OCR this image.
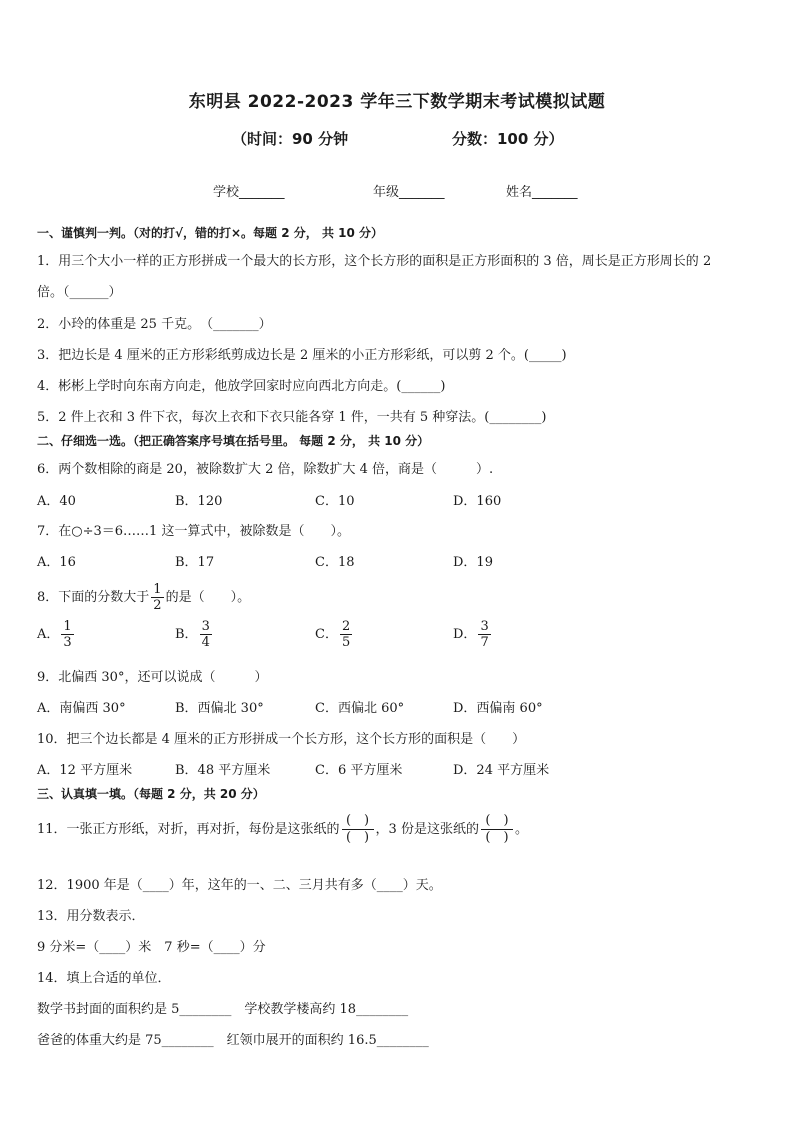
东明县 2022-2023 学年三下数学期末考试模拟试题
（时间：90 分钟	分数：100 分）
学校_______	年级_______	姓名_______
一、谨慎判一判。（对的打√，错的打×。每题 2 分， 共 10 分）
1．用三个大小一样的正方形拼成一个最大的长方形，这个长方形的面积是正方形面积的 3 倍，周长是正方形周长的 2
倍。（______）
2．小玲的体重是 25 千克。　（_______）
3．把边长是 4 厘米的正方形彩纸剪成边长是 2 厘米的小正方形彩纸，可以剪 2 个。(_____)
4．彬彬上学时向东南方向走，他放学回家时应向西北方向走。(______)
5．2 件上衣和 3 件下衣，每次上衣和下衣只能各穿 1 件，一共有 5 种穿法。(________)
二、仔细选一选。（把正确答案序号填在括号里。 每题 2 分， 共 10 分）
6．两个数相除的商是 20，被除数扩大 2 倍，除数扩大 4 倍，商是（　　　）.
A．40	B．120	C．10	D．160
7．在○÷3＝6……1 这一算式中，被除数是（　　）。
A．16	B．17	C．18	D．19
8．下面的分数大于 $\frac{1}{2}$ 的是（　　）。
A． $\frac{1}{3}$	B． $\frac{3}{4}$	C． $\frac{2}{5}$	D． $\frac{3}{7}$
9．北偏西 30°，还可以说成（　　　）
A．南偏西 30°	B．西偏北 30°	C．西偏北 60°	D．西偏南 60°
10．把三个边长都是 4 厘米的正方形拼成一个长方形，这个长方形的面积是（　　）
A．12 平方厘米	B．48 平方厘米	C．6 平方厘米	D．24 平方厘米
三、认真填一填。（每题 2 分，共 20 分）
11．一张正方形纸，对折，再对折，每份是这张纸的 $\frac{( )}{( )}$ ，3 份是这张纸的 $\frac{( )}{( )}$ 。
12．1900 年是（____）年，这年的一、二、三月共有多（____）天。
13．用分数表示．
9 分米=（____）米　7 秒=（____）分
14．填上合适的单位．
数学书封面的面积约是 5________　学校教学楼高约 18________
爸爸的体重大约是 75________　红领巾展开的面积约 16.5________
